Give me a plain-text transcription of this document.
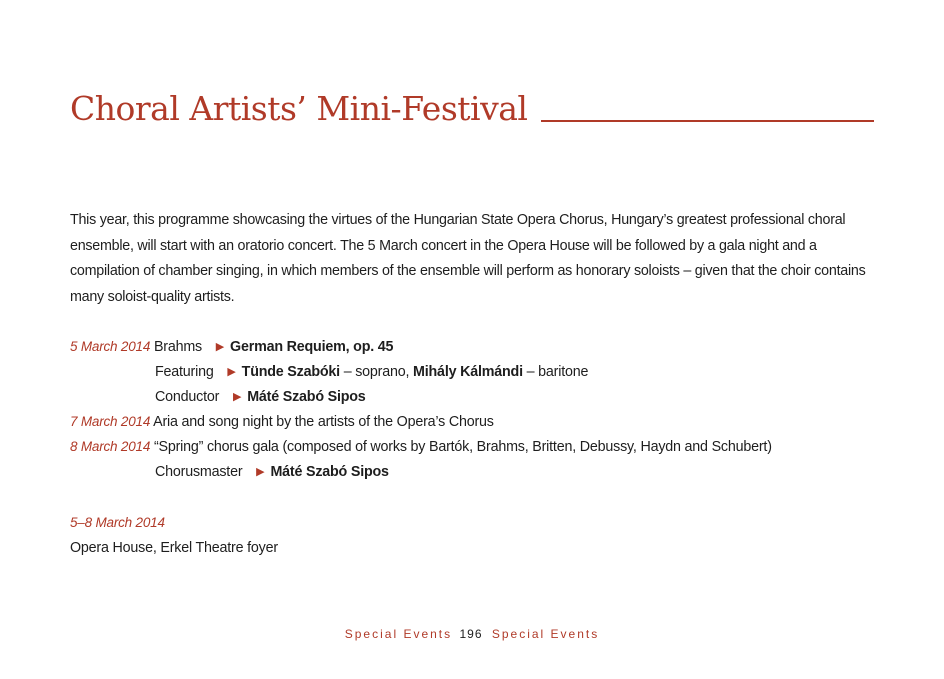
Choral Artists’ Mini-Festival
This year, this programme showcasing the virtues of the Hungarian State Opera Chorus, Hungary’s greatest professional choral ensemble, will start with an oratorio concert. The 5 March concert in the Opera House will be followed by a gala night and a compilation of chamber singing, in which members of the ensemble will perform as honorary soloists – given that the choir contains many soloist-quality artists.
5 March 2014 Brahms ▶ German Requiem, op. 45
Featuring ▶ Tünde Szabóki – soprano, Mihály Kálmándi – baritone
Conductor ▶ Máté Szabó Sipos
7 March 2014 Aria and song night by the artists of the Opera’s Chorus
8 March 2014 “Spring” chorus gala (composed of works by Bartók, Brahms, Britten, Debussy, Haydn and Schubert)
Chorusmaster ▶ Máté Szabó Sipos
5–8 March 2014
Opera House, Erkel Theatre foyer
Special Events 196 Special Events
